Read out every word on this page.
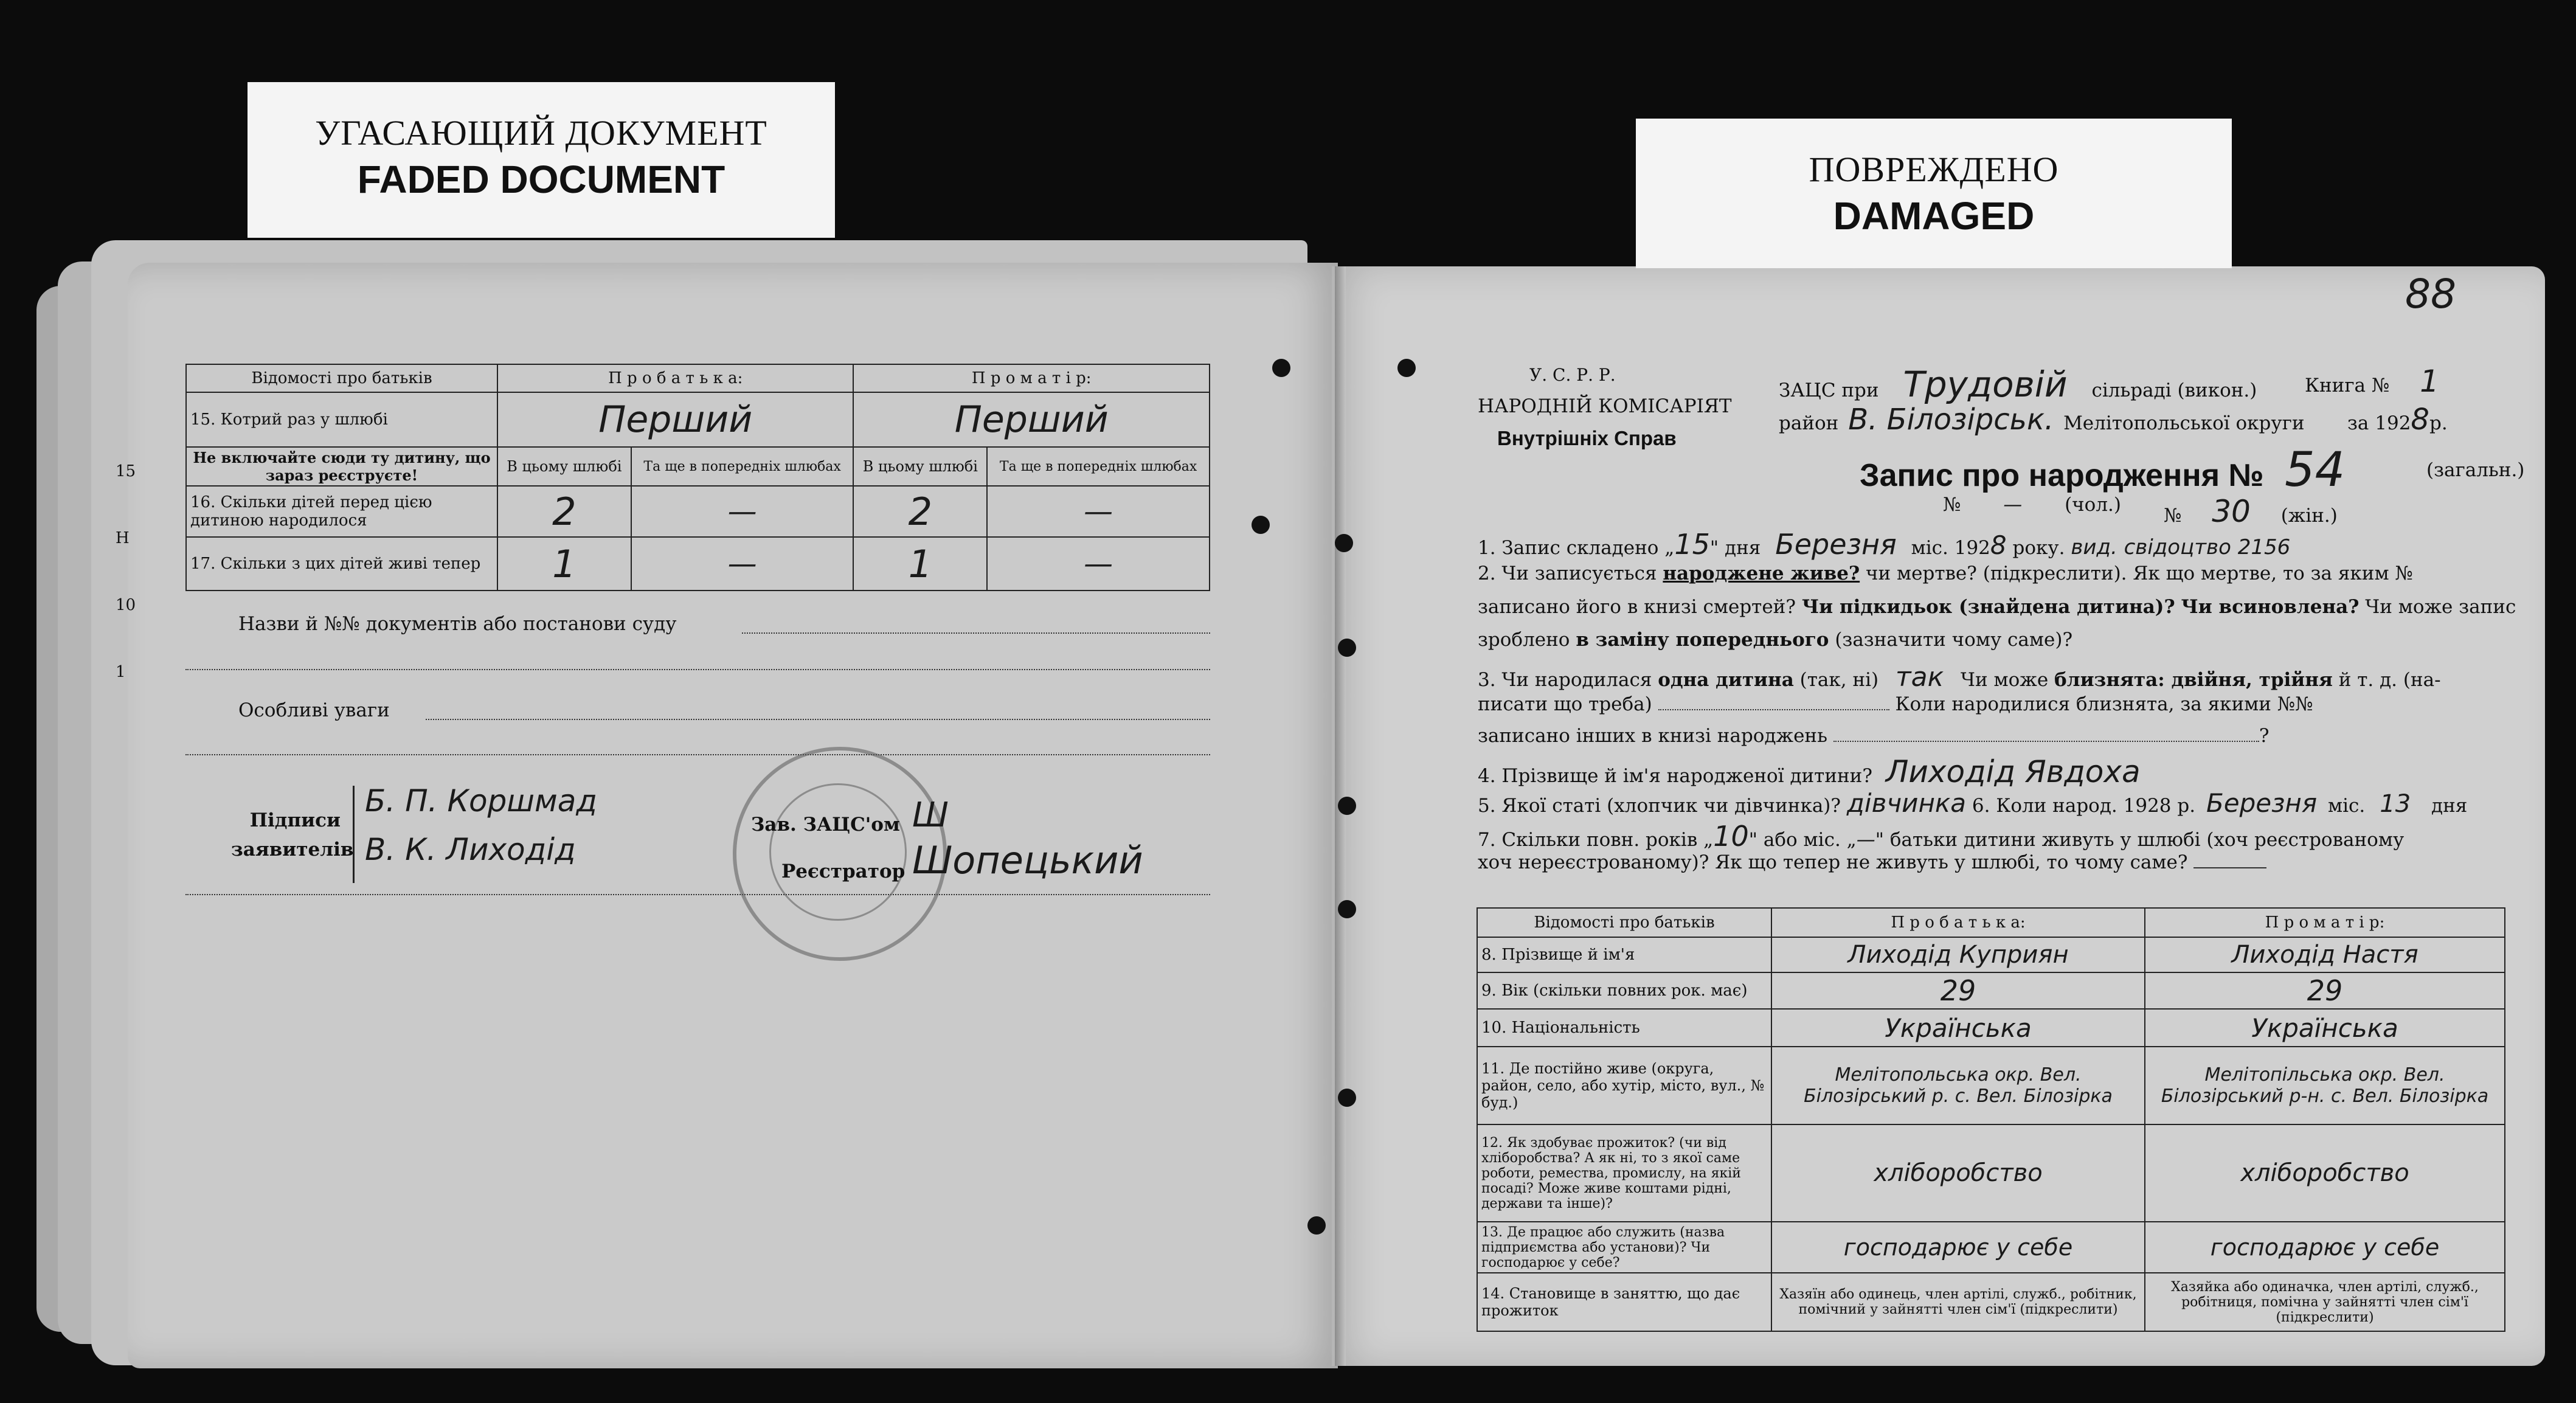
15
Н
10
1
УГАСАЮЩИЙ ДОКУМЕНТ
FADED DOCUMENT	ПОВРЕЖДЕНО
DAMAGED
88
Відомості про батьків	П р о б а т ь к а:		П р о м а т і р:	
15. Котрий раз у шлюбі	Перший		Перший	
Не включайте сюди ту дитину, що зараз реєструєте!	В цьому шлюбі	Та ще в попередніх шлюбах	В цьому шлюбі	Та ще в попередніх шлюбах
16. Скільки дітей перед цією дитиною народилося	2	—	2	—
17. Скільки з цих дітей живі тепер	1	—	1	—
Назви й №№ документів або постанови суду
Особливі уваги
Підписи заявителів
Б. П. Коршмад
В. К. Лиходід
Зав. ЗАЦС'ом Ш
Реєстратор Шопецький
У. С. Р. Р.
НАРОДНІЙ КОМІСАРІЯТ
Внутрішніх Справ
ЗАЦС при Трудовій сільраді (викон.)	Книга № 1
район В. Білозірськ. Мелітопольської округи за 1928р.
Запис про народження № 54	(загальн.)
№ — (чол.) № 30 (жін.)
1. Запис складено „15" дня Березня міс. 1928 року. вид. свідоцтво 2156
2. Чи записується народжене живе? чи мертве? (підкреслити). Як що мертве, то за яким №
записано його в книзі смертей? Чи підкидьок (знайдена дитина)? Чи всиновлена? Чи може запис
зроблено в заміну попереднього (зазначити чому саме)?
3. Чи народилася одна дитина (так, ні) так Чи може близнята: двійня, трійня й т. д. (на-
писати що треба)	Коли народилися близнята, за якими №№
записано інших в книзі народжень	?
4. Прізвище й ім'я народженої дитини? Лиходід Явдоха
5. Якої статі (хлопчик чи дівчинка)? дівчинка 6. Коли народ. 1928 р. Березня міс. 13 дня
7. Скільки повн. років „10" або міс. „—" батьки дитини живуть у шлюбі (хоч реєстрованому
хоч нереєстрованому)? Як що тепер не живуть у шлюбі, то чому саме?
Відомості про батьків	П р о б а т ь к а:	П р о м а т і р:
8. Прізвище й ім'я	Лиходід Куприян	Лиходід Настя
9. Вік (скільки повних рок. має)	29	29
10. Національність	Українська	Українська
11. Де постійно живе (округа, район, село, або хутір, місто, вул., № буд.)	Мелітопольська окр. Вел. Білозірський р. с. Вел. Білозірка	Мелітопільська окр. Вел. Білозірський р-н. с. Вел. Білозірка
12. Як здобуває прожиток? (чи від хліборобства? А як ні, то з якої саме роботи, ремества, промислу, на якій посаді? Може живе коштами рідні, держави та інше)?	хліборобство	хліборобство
13. Де працює або служить (назва підприємства або установи)? Чи господарює у себе?	господарює у себе	господарює у себе
14. Становище в заняттю, що дає прожиток	Хазяїн або одинець, член артілі, служб., робітник, помічний у зайнятті член сім'ї (підкреслити)	Хазяйка або одиначка, член артілі, служб., робітниця, помічна у зайнятті член сім'ї (підкреслити)
